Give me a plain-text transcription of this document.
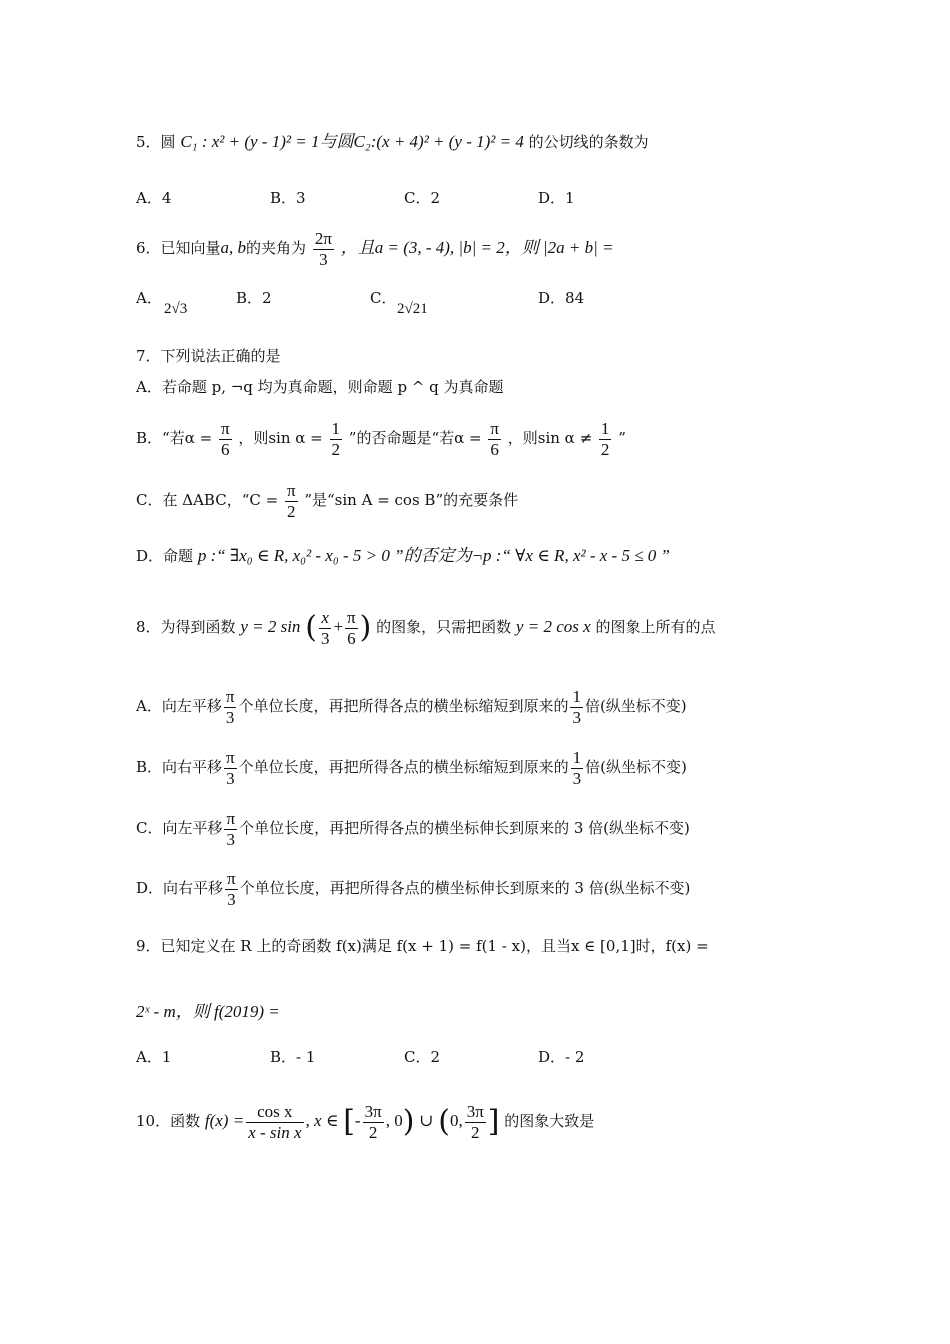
5．圆 C₁ : x² + (y - 1)² = 1与圆C₂:(x + 4)² + (y - 1)² = 4 的公切线的条数为
A．4	B．3	C．2	D．1
6．已知向量a, b的夹角为 $\frac{2\pi}{3}$ ，且a = (3, - 4), |b| = 2，则 |2a + b| =
A．
2√3
B．2	C．
2√21
D．84
7．下列说法正确的是
A．若命题 p, ¬q 均为真命题，则命题 p ^ q 为真命题
B．“若$\alpha = \frac{\pi}{6}$ ，则$\sin \alpha = \frac{1}{2}$ ”的否命题是“若$\alpha = \frac{\pi}{6}$ ，则$\sin \alpha \ne \frac{1}{2}$ ”
C．在 ΔABC，“$C = \frac{\pi}{2}$ ”是“sin A = cos B”的充要条件
D．命题 p :“ ∃x₀ ∈ R, x₀² - x₀ - 5 > 0 ”的否定为¬p :“ ∀x ∈ R, x² - x - 5 ≤ 0 ”
8．为得到函数 y = 2 sin ( $\frac{x}{3} + \frac{\pi}{6}$ ) 的图象，只需把函数 y = 2 cos x 的图象上所有的点
A．向左平移 $\frac{\pi}{3}$ 个单位长度，再把所得各点的横坐标缩短到原来的 $\frac{1}{3}$ 倍(纵坐标不变)
B．向右平移 $\frac{\pi}{3}$ 个单位长度，再把所得各点的横坐标缩短到原来的 $\frac{1}{3}$ 倍(纵坐标不变)
C．向左平移 $\frac{\pi}{3}$ 个单位长度，再把所得各点的横坐标伸长到原来的 3 倍(纵坐标不变)
D．向右平移 $\frac{\pi}{3}$ 个单位长度，再把所得各点的横坐标伸长到原来的 3 倍(纵坐标不变)
9．已知定义在 R 上的奇函数 f(x)满足 f(x + 1) = f(1 - x)，且当x ∈ [0,1]时，f(x) =
2ˣ - m，则 f(2019) =
A．1	B．- 1	C．2	D．- 2
10．函数 $f(x) = \frac{\text{cos x}}{\text{x - sin x}}$ , x ∈ [- $\frac{3\pi}{2}$ , 0) ∪ (0, $\frac{3\pi}{2}$ ] 的图象大致是
